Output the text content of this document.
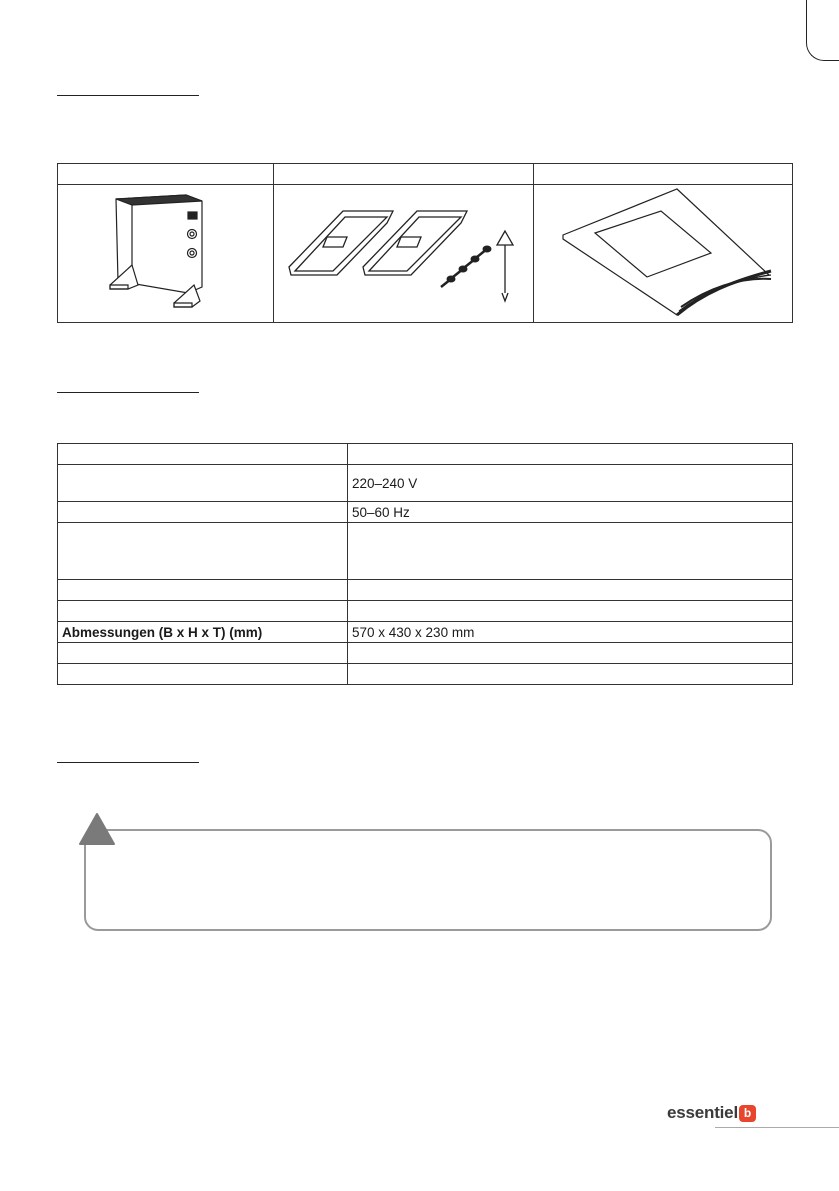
	220–240 V
	50–60 Hz

Abmessungen (B x H x T) (mm)	570 x 430 x 230 mm

essentiel b
